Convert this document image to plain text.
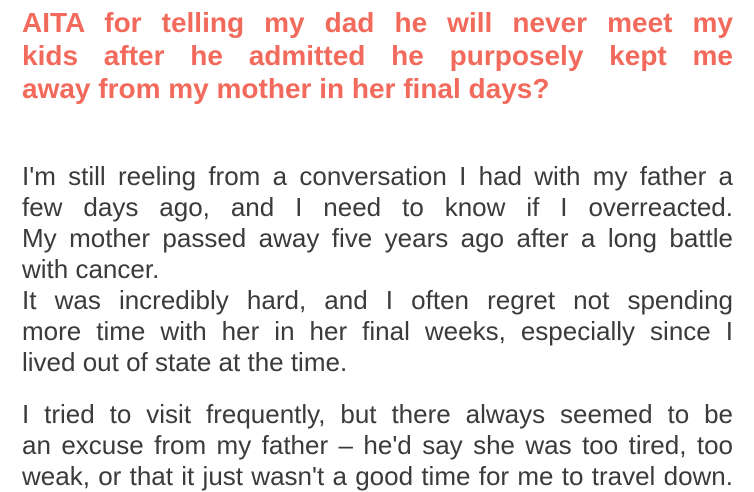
AITA for telling my dad he will never meet my
kids after he admitted he purposely kept me
away from my mother in her final days?
I'm still reeling from a conversation I had with my father a
few days ago, and I need to know if I overreacted.
My mother passed away five years ago after a long battle
with cancer.
It was incredibly hard, and I often regret not spending
more time with her in her final weeks, especially since I
lived out of state at the time.
I tried to visit frequently, but there always seemed to be
an excuse from my father – he'd say she was too tired, too
weak, or that it just wasn't a good time for me to travel down.
